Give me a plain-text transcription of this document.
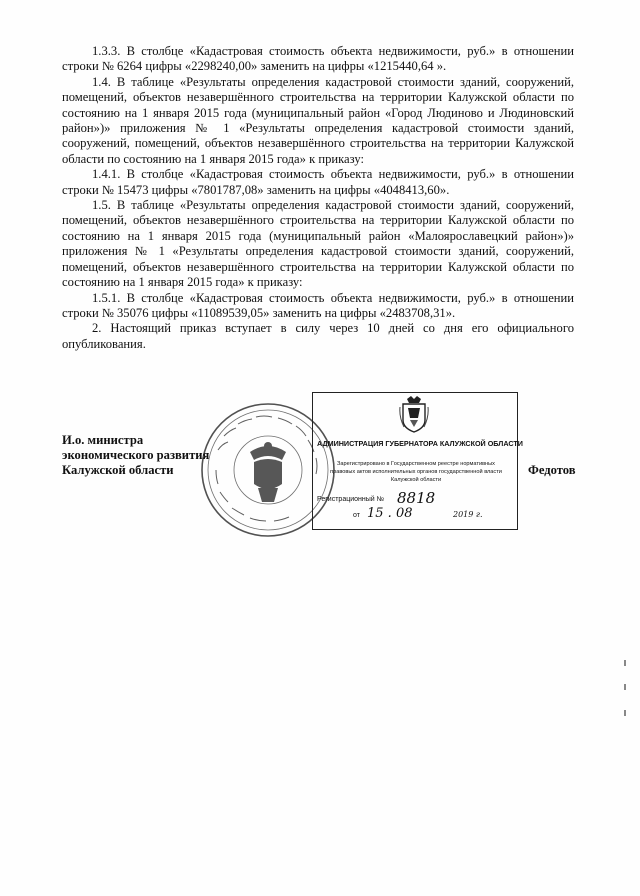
1.3.3. В столбце «Кадастровая стоимость объекта недвижимости, руб.» в отношении строки № 6264 цифры «2298240,00» заменить на цифры «1215440,64 ».

1.4. В таблице «Результаты определения кадастровой стоимости зданий, сооружений, помещений, объектов незавершённого строительства на территории Калужской области по состоянию на 1 января 2015 года (муниципальный район «Город Людиново и Людиновский район»)» приложения № 1 «Результаты определения кадастровой стоимости зданий, сооружений, помещений, объектов незавершённого строительства на территории Калужской области по состоянию на 1 января 2015 года» к приказу:

1.4.1. В столбце «Кадастровая стоимость объекта недвижимости, руб.» в отношении строки № 15473 цифры «7801787,08» заменить на цифры «4048413,60».

1.5. В таблице «Результаты определения кадастровой стоимости зданий, сооружений, помещений, объектов незавершённого строительства на территории Калужской области по состоянию на 1 января 2015 года (муниципальный район «Малоярославецкий район»)» приложения № 1 «Результаты определения кадастровой стоимости зданий, сооружений, помещений, объектов незавершённого строительства на территории Калужской области по состоянию на 1 января 2015 года» к приказу:

1.5.1. В столбце «Кадастровая стоимость объекта недвижимости, руб.» в отношении строки № 35076 цифры «11089539,05» заменить на цифры «2483708,31».

2. Настоящий приказ вступает в силу через 10 дней со дня его официального опубликования.

И.о. министра
экономического развития
Калужской области	Федотов
АДМИНИСТРАЦИЯ ГУБЕРНАТОРА КАЛУЖСКОЙ ОБЛАСТИ
Зарегистрировано в Государственном реестре нормативных
правовых актов исполнительных органов государственной власти
Калужской области
Регистрационный № 8818
от 15 . 08	2019 г.
